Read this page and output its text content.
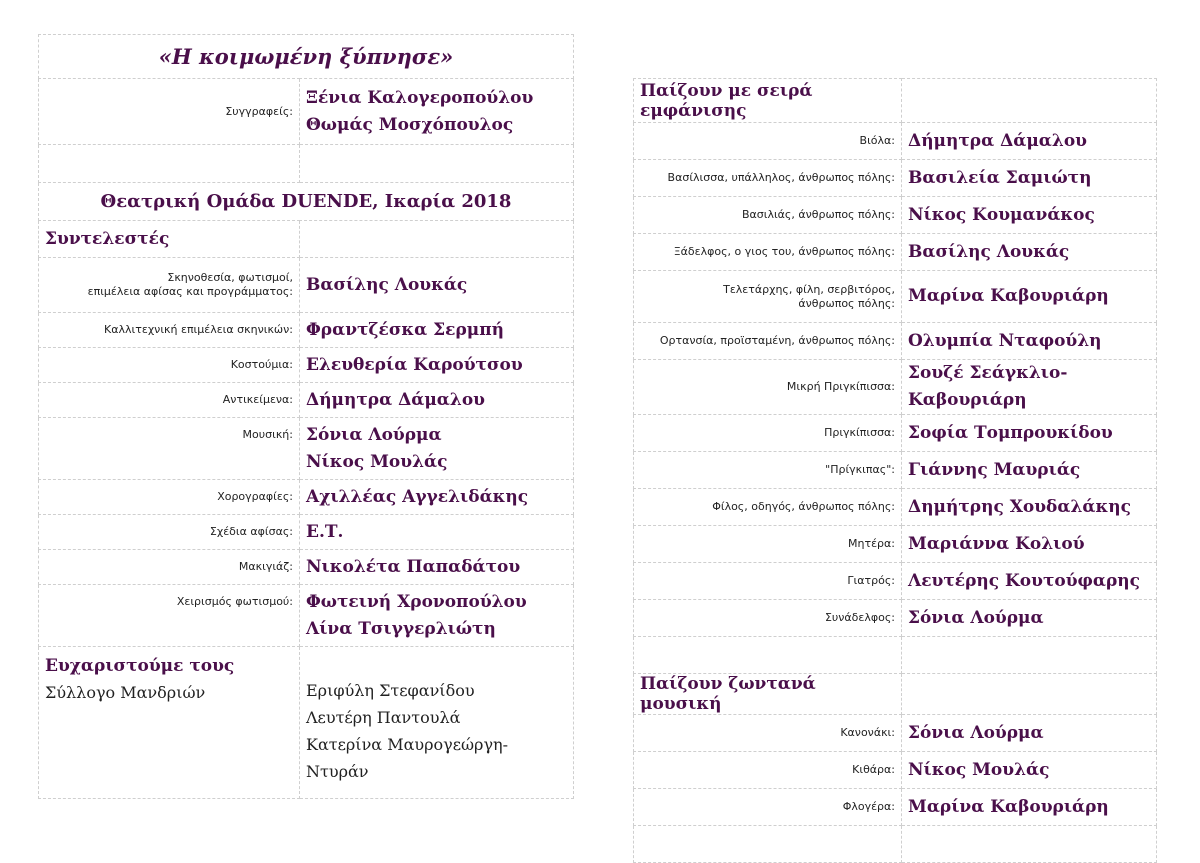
«Η κοιμωμένη ξύπνησε»	
Συγγραφείς:	Ξένια Καλογεροπούλου
Θωμάς Μοσχόπουλος

Θεατρική Ομάδα DUENDE, Ικαρία 2018	
Συντελεστές	

Σκηνοθεσία, φωτισμοί,
επιμέλεια αφίσας και προγράμματος:	Βασίλης Λουκάς
Καλλιτεχνική επιμέλεια σκηνικών:	Φραντζέσκα Σερμπή
Κοστούμια:	Ελευθερία Καρούτσου
Αντικείμενα:	Δήμητρα Δάμαλου
Μουσική:	Σόνια Λούρμα
Νίκος Μουλάς

Χορογραφίες:	Αχιλλέας Αγγελιδάκης
Σχέδια αφίσας:	Ε.Τ.
Μακιγιάζ:	Νικολέτα Παπαδάτου
Χειρισμός φωτισμού:	Φωτεινή Χρονοπούλου
Λίνα Τσιγγερλιώτη

Ευχαριστούμε τους
Σύλλογο Μανδριών	Εριφύλη Στεφανίδου
Λευτέρη Παντουλά
Κατερίνα Μαυρογεώργη-Ντυράν
Παίζουν με σειρά εμφάνισης	
Βιόλα:	Δήμητρα Δάμαλου
Βασίλισσα, υπάλληλος, άνθρωπος πόλης:	Βασιλεία Σαμιώτη
Βασιλιάς, άνθρωπος πόλης:	Νίκος Κουμανάκος
Ξάδελφος, ο γιος του, άνθρωπος πόλης:	Βασίλης Λουκάς

Τελετάρχης, φίλη, σερβιτόρος,
άνθρωπος πόλης:	Μαρίνα Καβουριάρη
Ορτανσία, προϊσταμένη, άνθρωπος πόλης:	Ολυμπία Νταφούλη
Μικρή Πριγκίπισσα:	Σουζέ Σεάγκλιο-Καβουριάρη
Πριγκίπισσα:	Σοφία Τομπρουκίδου
"Πρίγκιπας":	Γιάννης Μαυριάς
Φίλος, οδηγός, άνθρωπος πόλης:	Δημήτρης Χουδαλάκης
Μητέρα:	Μαριάννα Κολιού
Γιατρός:	Λευτέρης Κουτούφαρης
Συνάδελφος:	Σόνια Λούρμα

Παίζουν ζωντανά μουσική	
Κανονάκι:	Σόνια Λούρμα
Κιθάρα:	Νίκος Μουλάς
Φλογέρα:	Μαρίνα Καβουριάρη
